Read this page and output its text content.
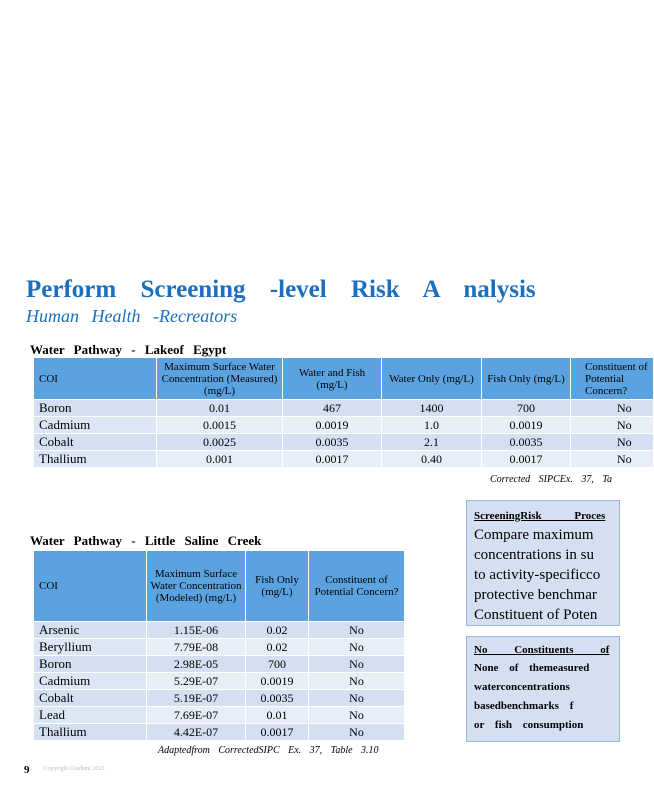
Perform Screening -level Risk A nalysis
Human Health -Recreators
Water Pathway - Lakeof Egypt
COI	Maximum Surface Water Concentration (Measured) (mg/L)	Water and Fish (mg/L)	Water Only (mg/L)	Fish Only (mg/L)	Constituent of Potential Concern?
Boron	0.01	467	1400	700	No
Cadmium	0.0015	0.0019	1.0	0.0019	No
Cobalt	0.0025	0.0035	2.1	0.0035	No
Thallium	0.001	0.0017	0.40	0.0017	No
Corrected SIPCEx. 37, Ta
Water Pathway - Little Saline Creek
COI	Maximum Surface Water Concentration (Modeled) (mg/L)	Fish Only (mg/L)	Constituent of Potential Concern?
Arsenic	1.15E-06	0.02	No
Beryllium	7.79E-08	0.02	No
Boron	2.98E-05	700	No
Cadmium	5.29E-07	0.0019	No
Cobalt	5.19E-07	0.0035	No
Lead	7.69E-07	0.01	No
Thallium	4.42E-07	0.0017	No
Adaptedfrom CorrectedSIPC Ex. 37, Table 3.10
ScreeningRisk Proces
Compare maximum
concentrations in su
to activity-specificco
protective benchmar
Constituent of Poten
No Constituents of
None of themeasured
waterconcentrations
basedbenchmarks f
or fish consumption
9 Copyright Gradient 2023
